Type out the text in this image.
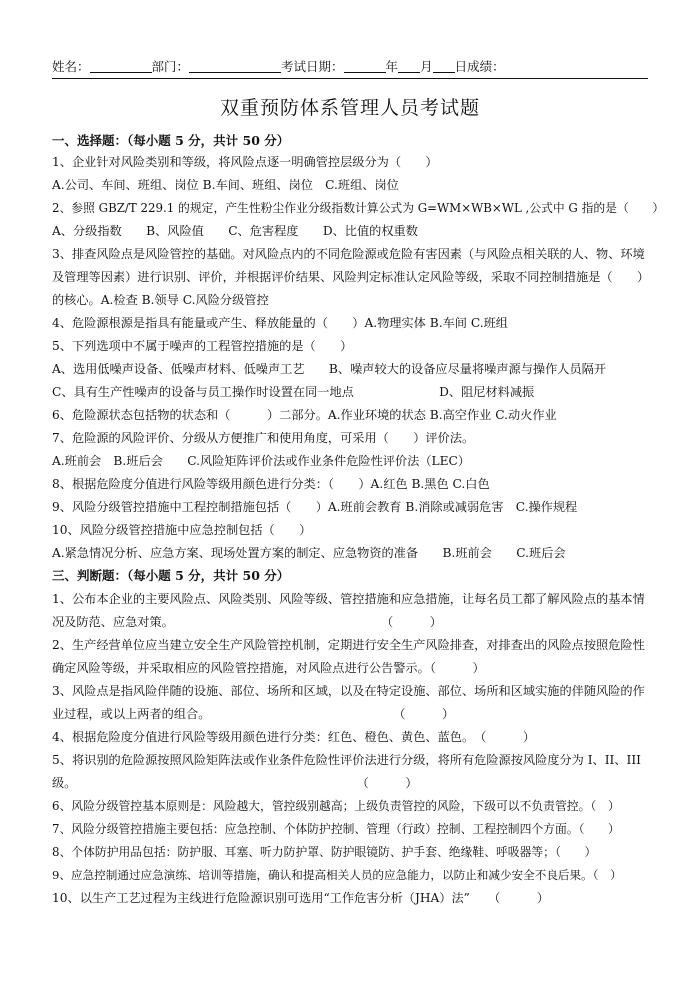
姓名：	部门：	考试日期：	年 月 日成绩：
双重预防体系管理人员考试题
一、选择题：（每小题 5 分，共计 50 分）
1、企业针对风险类别和等级，将风险点逐一明确管控层级分为（　　）
A.公司、车间、班组、岗位 B.车间、班组、岗位　C.班组、岗位
2、参照 GBZ/T 229.1 的规定，产生性粉尘作业分级指数计算公式为 G=WM×WB×WL ,公式中 G 指的是（　　）
A、分级指数　　B、风险值　　C、危害程度　　D、比值的权重数
3、排查风险点是风险管控的基础。对风险点内的不同危险源或危险有害因素（与风险点相关联的人、物、环境
及管理等因素）进行识别、评价，并根据评价结果、风险判定标准认定风险等级，采取不同控制措施是（　　）
的核心。A.检查 B.领导 C.风险分级管控
4、危险源根源是指具有能量或产生、释放能量的（　　）A.物理实体 B.车间 C.班组
5、下列选项中不属于噪声的工程管控措施的是（　　）
A、选用低噪声设备、低噪声材料、低噪声工艺　　B、噪声较大的设备应尽量将噪声源与操作人员隔开
C、具有生产性噪声的设备与员工操作时设置在同一地点　　　　　　　D、阻尼材料减振
6、危险源状态包括物的状态和（　　　）二部分。A.作业环境的状态 B.高空作业 C.动火作业
7、危险源的风险评价、分级从方便推广和使用角度，可采用（　　）评价法。
A.班前会　B.班后会　　C.风险矩阵评价法或作业条件危险性评价法（LEC）
8、根据危险度分值进行风险等级用颜色进行分类：（　　）A.红色 B.黑色 C.白色
9、风险分级管控措施中工程控制措施包括（　　）A.班前会教育 B.消除或减弱危害　C.操作规程
10、风险分级管控措施中应急控制包括（　　）
A.紧急情况分析、应急方案、现场处置方案的制定、应急物资的准备　　B.班前会　　C.班后会
三、判断题：（每小题 5 分，共计 50 分）
1、公布本企业的主要风险点、风险类别、风险等级、管控措施和应急措施，让每名员工都了解风险点的基本情况及防范、应急对策。　　　　　　　　　　　　　　　　　　（　　　）
2、生产经营单位应当建立安全生产风险管控机制，定期进行安全生产风险排查，对排查出的风险点按照危险性确定风险等级，并采取相应的风险管控措施，对风险点进行公告警示。（　　　）
3、风险点是指风险伴随的设施、部位、场所和区域，以及在特定设施、部位、场所和区域实施的伴随风险的作业过程，或以上两者的组合。　　　　　　　　　　　　　　　　（　　　）
4、根据危险度分值进行风险等级用颜色进行分类：红色、橙色、黄色、蓝色。　（　　　）
5、将识别的危险源按照风险矩阵法或作业条件危险性评价法进行分级，将所有危险源按风险度分为 I、II、III 级。　　　　　　　　　　　　　　　　　　　　　　　　（　　　）
6、风险分级管控基本原则是：风险越大，管控级别越高；上级负责管控的风险，下级可以不负责管控。（　）
7、风险分级管控措施主要包括：应急控制、个体防护控制、管理（行政）控制、工程控制四个方面。（　　）
8、个体防护用品包括：防护服、耳塞、听力防护罩、防护眼镜防、护手套、绝缘鞋、呼吸器等；（　　）
9、应急控制通过应急演练、培训等措施，确认和提高相关人员的应急能力，以防止和减少安全不良后果。（　）
10、以生产工艺过程为主线进行危险源识别可选用“工作危害分析（JHA）法”　　（　　　）
